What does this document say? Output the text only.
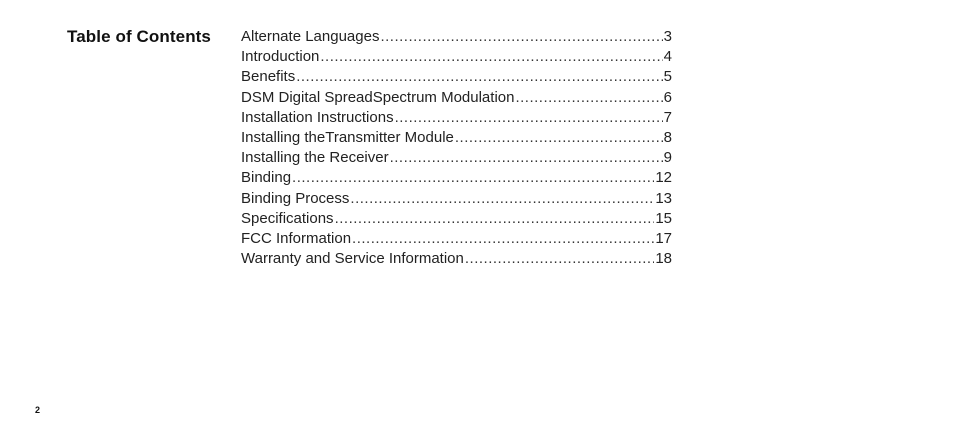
Table of Contents Alternate Languages .....	3
Introduction .....	4
Benefits .....	5
DSM Digital SpreadSpectrum Modulation .....	6
Installation Instructions .....	7
Installing theTransmitter Module .....	8
Installing the Receiver .....	9
Binding .....	12
Binding Process .....	13
Specifications .....	15
FCC Information .....	17
Warranty and Service Information .....	18
2
